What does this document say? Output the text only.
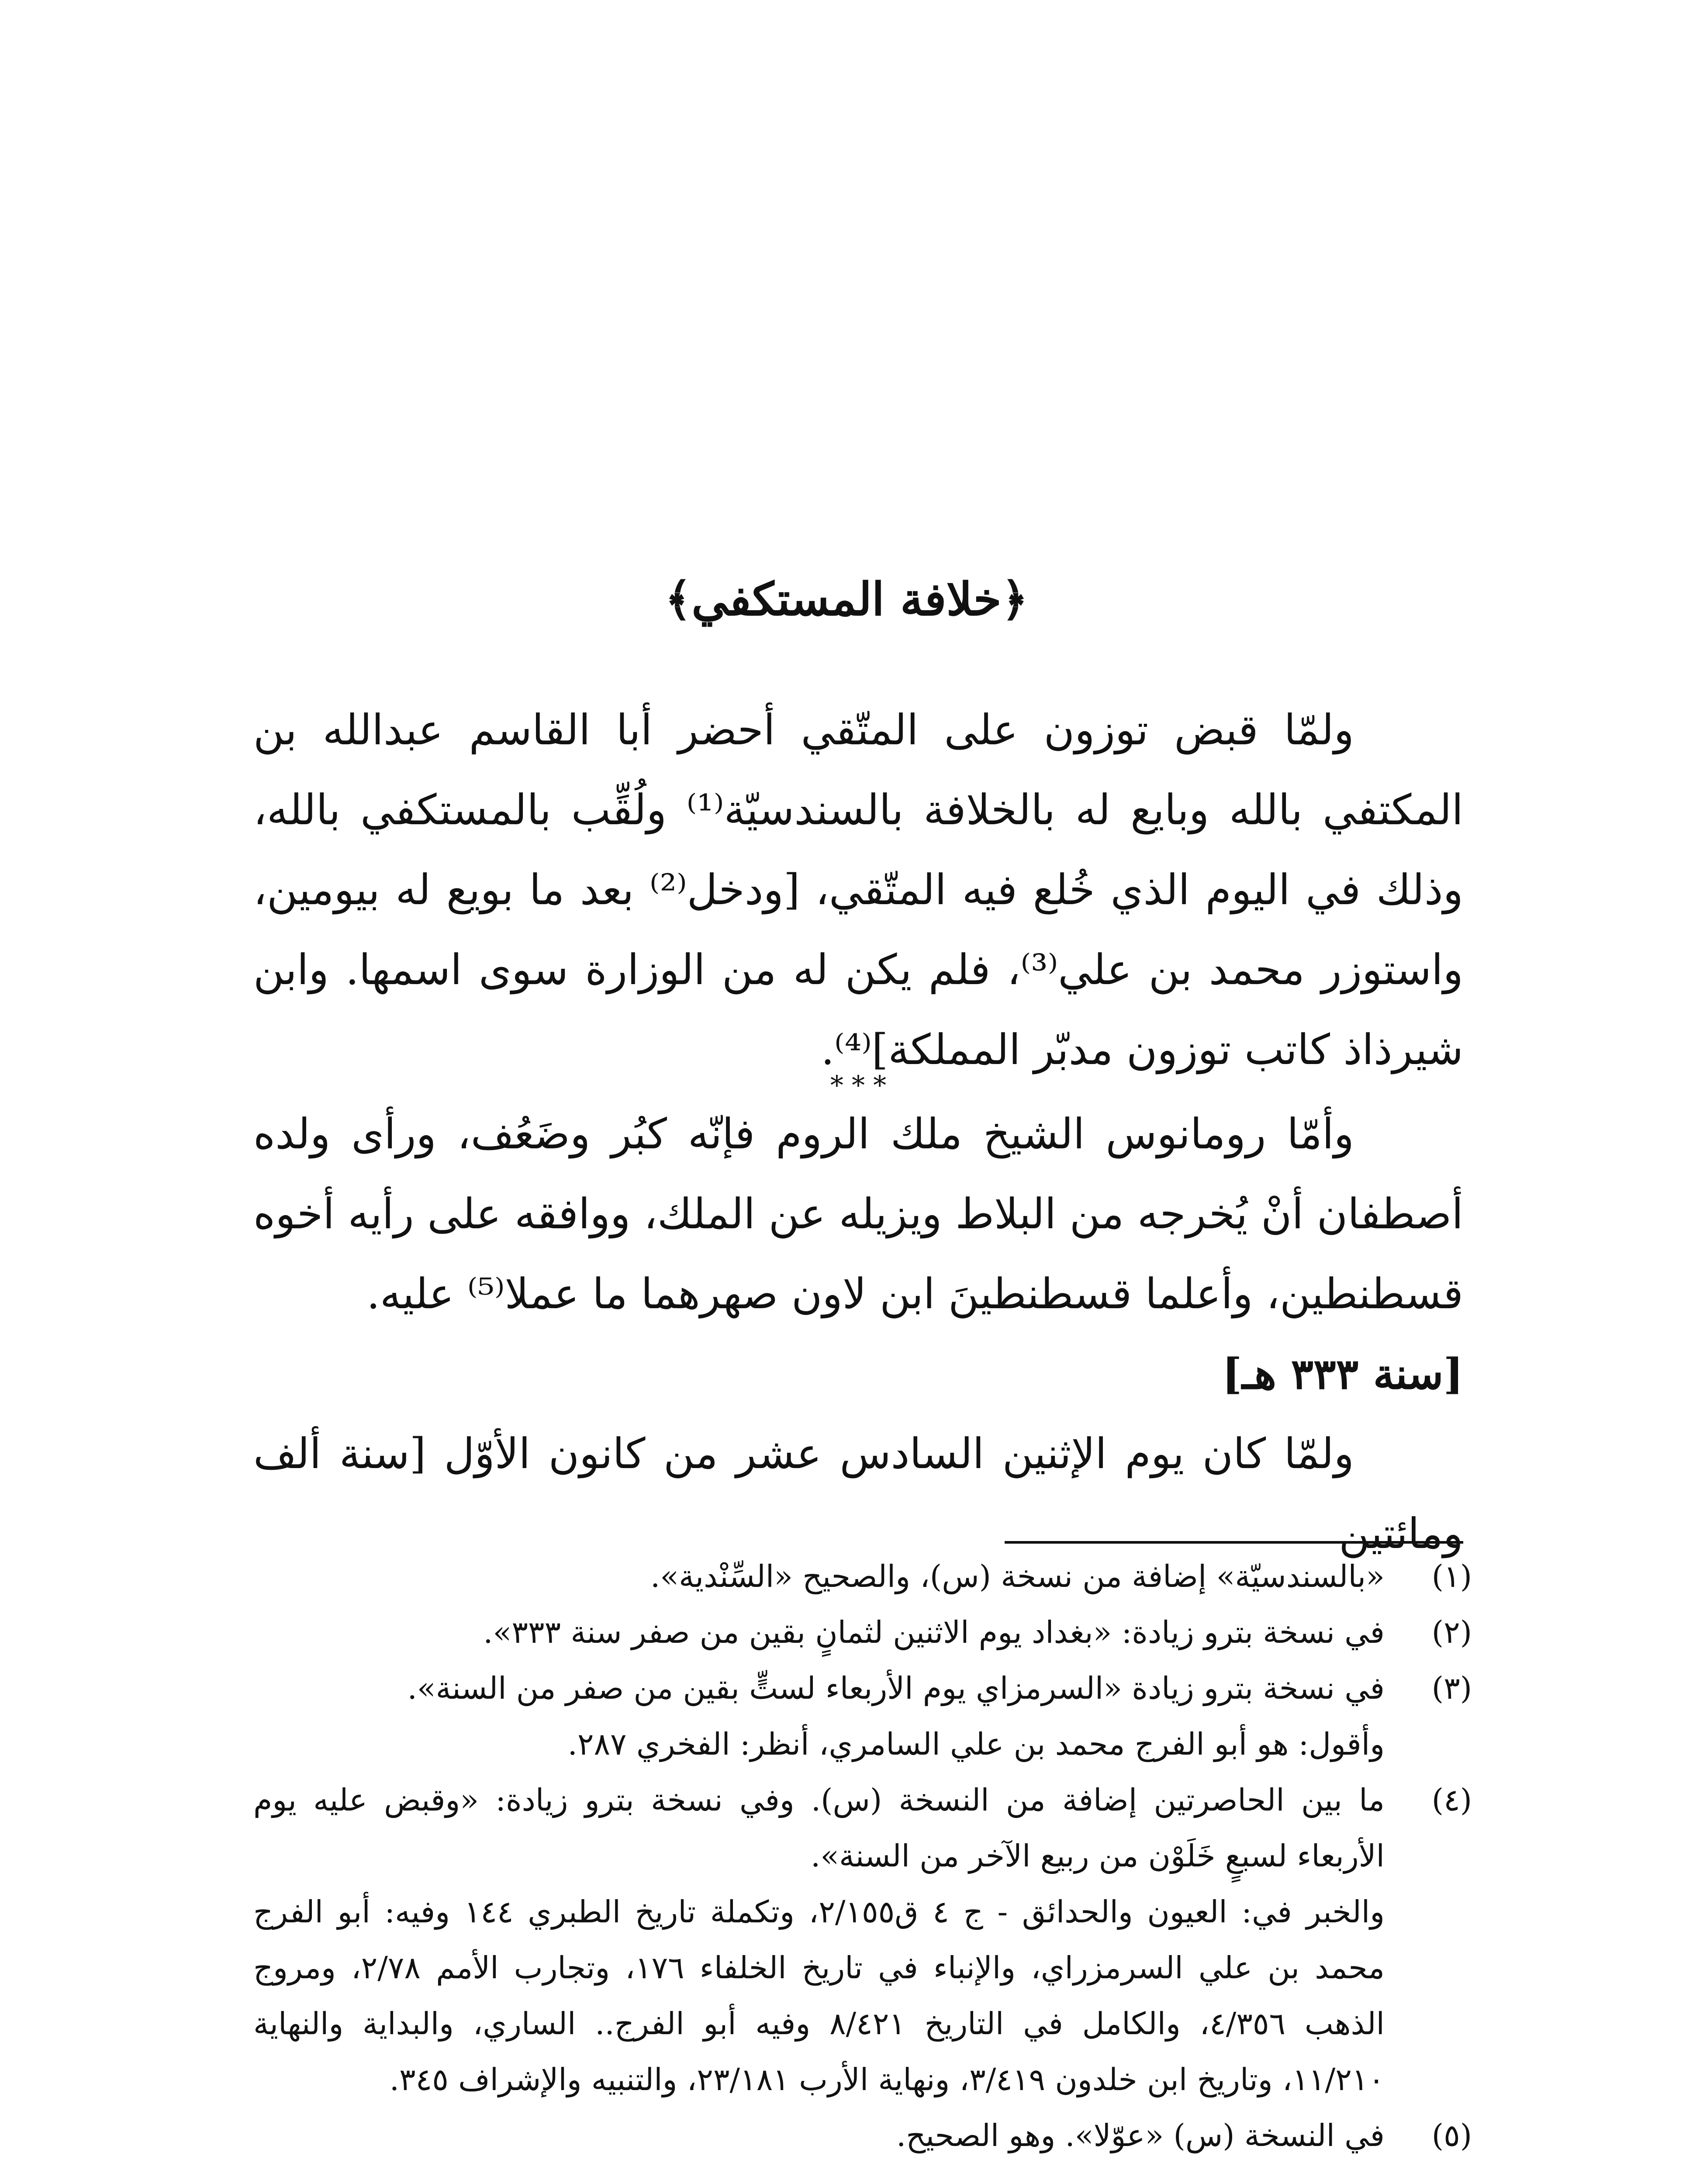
﴿خلافة المستكفي﴾

ولمّا قبض توزون على المتّقي أحضر أبا القاسم عبدالله بن المكتفي بالله وبايع له بالخلافة بالسندسيّة⁽¹⁾ ولُقِّب بالمستكفي بالله، وذلك في اليوم الذي خُلع فيه المتّقي، [ودخل⁽²⁾ بعد ما بويع له بيومين، واستوزر محمد بن علي⁽³⁾، فلم يكن له من الوزارة سوى اسمها. وابن شيرذاذ كاتب توزون مدبّر المملكة]⁽⁴⁾.

* * *

وأمّا رومانوس الشيخ ملك الروم فإنّه كبُر وضَعُف، ورأى ولده أصطفان أنْ يُخرجه من البلاط ويزيله عن الملك، ووافقه على رأيه أخوه قسطنطين، وأعلما قسطنطينَ ابن لاون صهرهما ما عملا⁽⁵⁾ عليه.

[سنة ٣٣٣ هـ]

ولمّا كان يوم الإثنين السادس عشر من كانون الأوّل [سنة ألف ومائتين

(١)
«بالسندسيّة» إضافة من نسخة (س)، والصحيح «السِّنْدية».
(٢)
في نسخة بترو زيادة: «بغداد يوم الاثنين لثمانٍ بقين من صفر سنة ٣٣٣».
(٣)
في نسخة بترو زيادة «السرمزاي يوم الأربعاء لستٍّ بقين من صفر من السنة».
وأقول: هو أبو الفرج محمد بن علي السامري، أنظر: الفخري ٢٨٧.
(٤)
ما بين الحاصرتين إضافة من النسخة (س). وفي نسخة بترو زيادة: «وقبض عليه يوم الأربعاء لسبعٍ خَلَوْن من ربيع الآخر من السنة».
والخبر في: العيون والحدائق - ج ٤ ق٢/١٥٥، وتكملة تاريخ الطبري ١٤٤ وفيه: أبو الفرج محمد بن علي السرمزراي، والإنباء في تاريخ الخلفاء ١٧٦، وتجارب الأمم ٢/٧٨، ومروج الذهب ٤/٣٥٦، والكامل في التاريخ ٨/٤٢١ وفيه أبو الفرج.. الساري، والبداية والنهاية ١١/٢١٠، وتاريخ ابن خلدون ٣/٤١٩، ونهاية الأرب ٢٣/١٨١، والتنبيه والإشراف ٣٤٥.
(٥)
في النسخة (س) «عوّلا». وهو الصحيح.
